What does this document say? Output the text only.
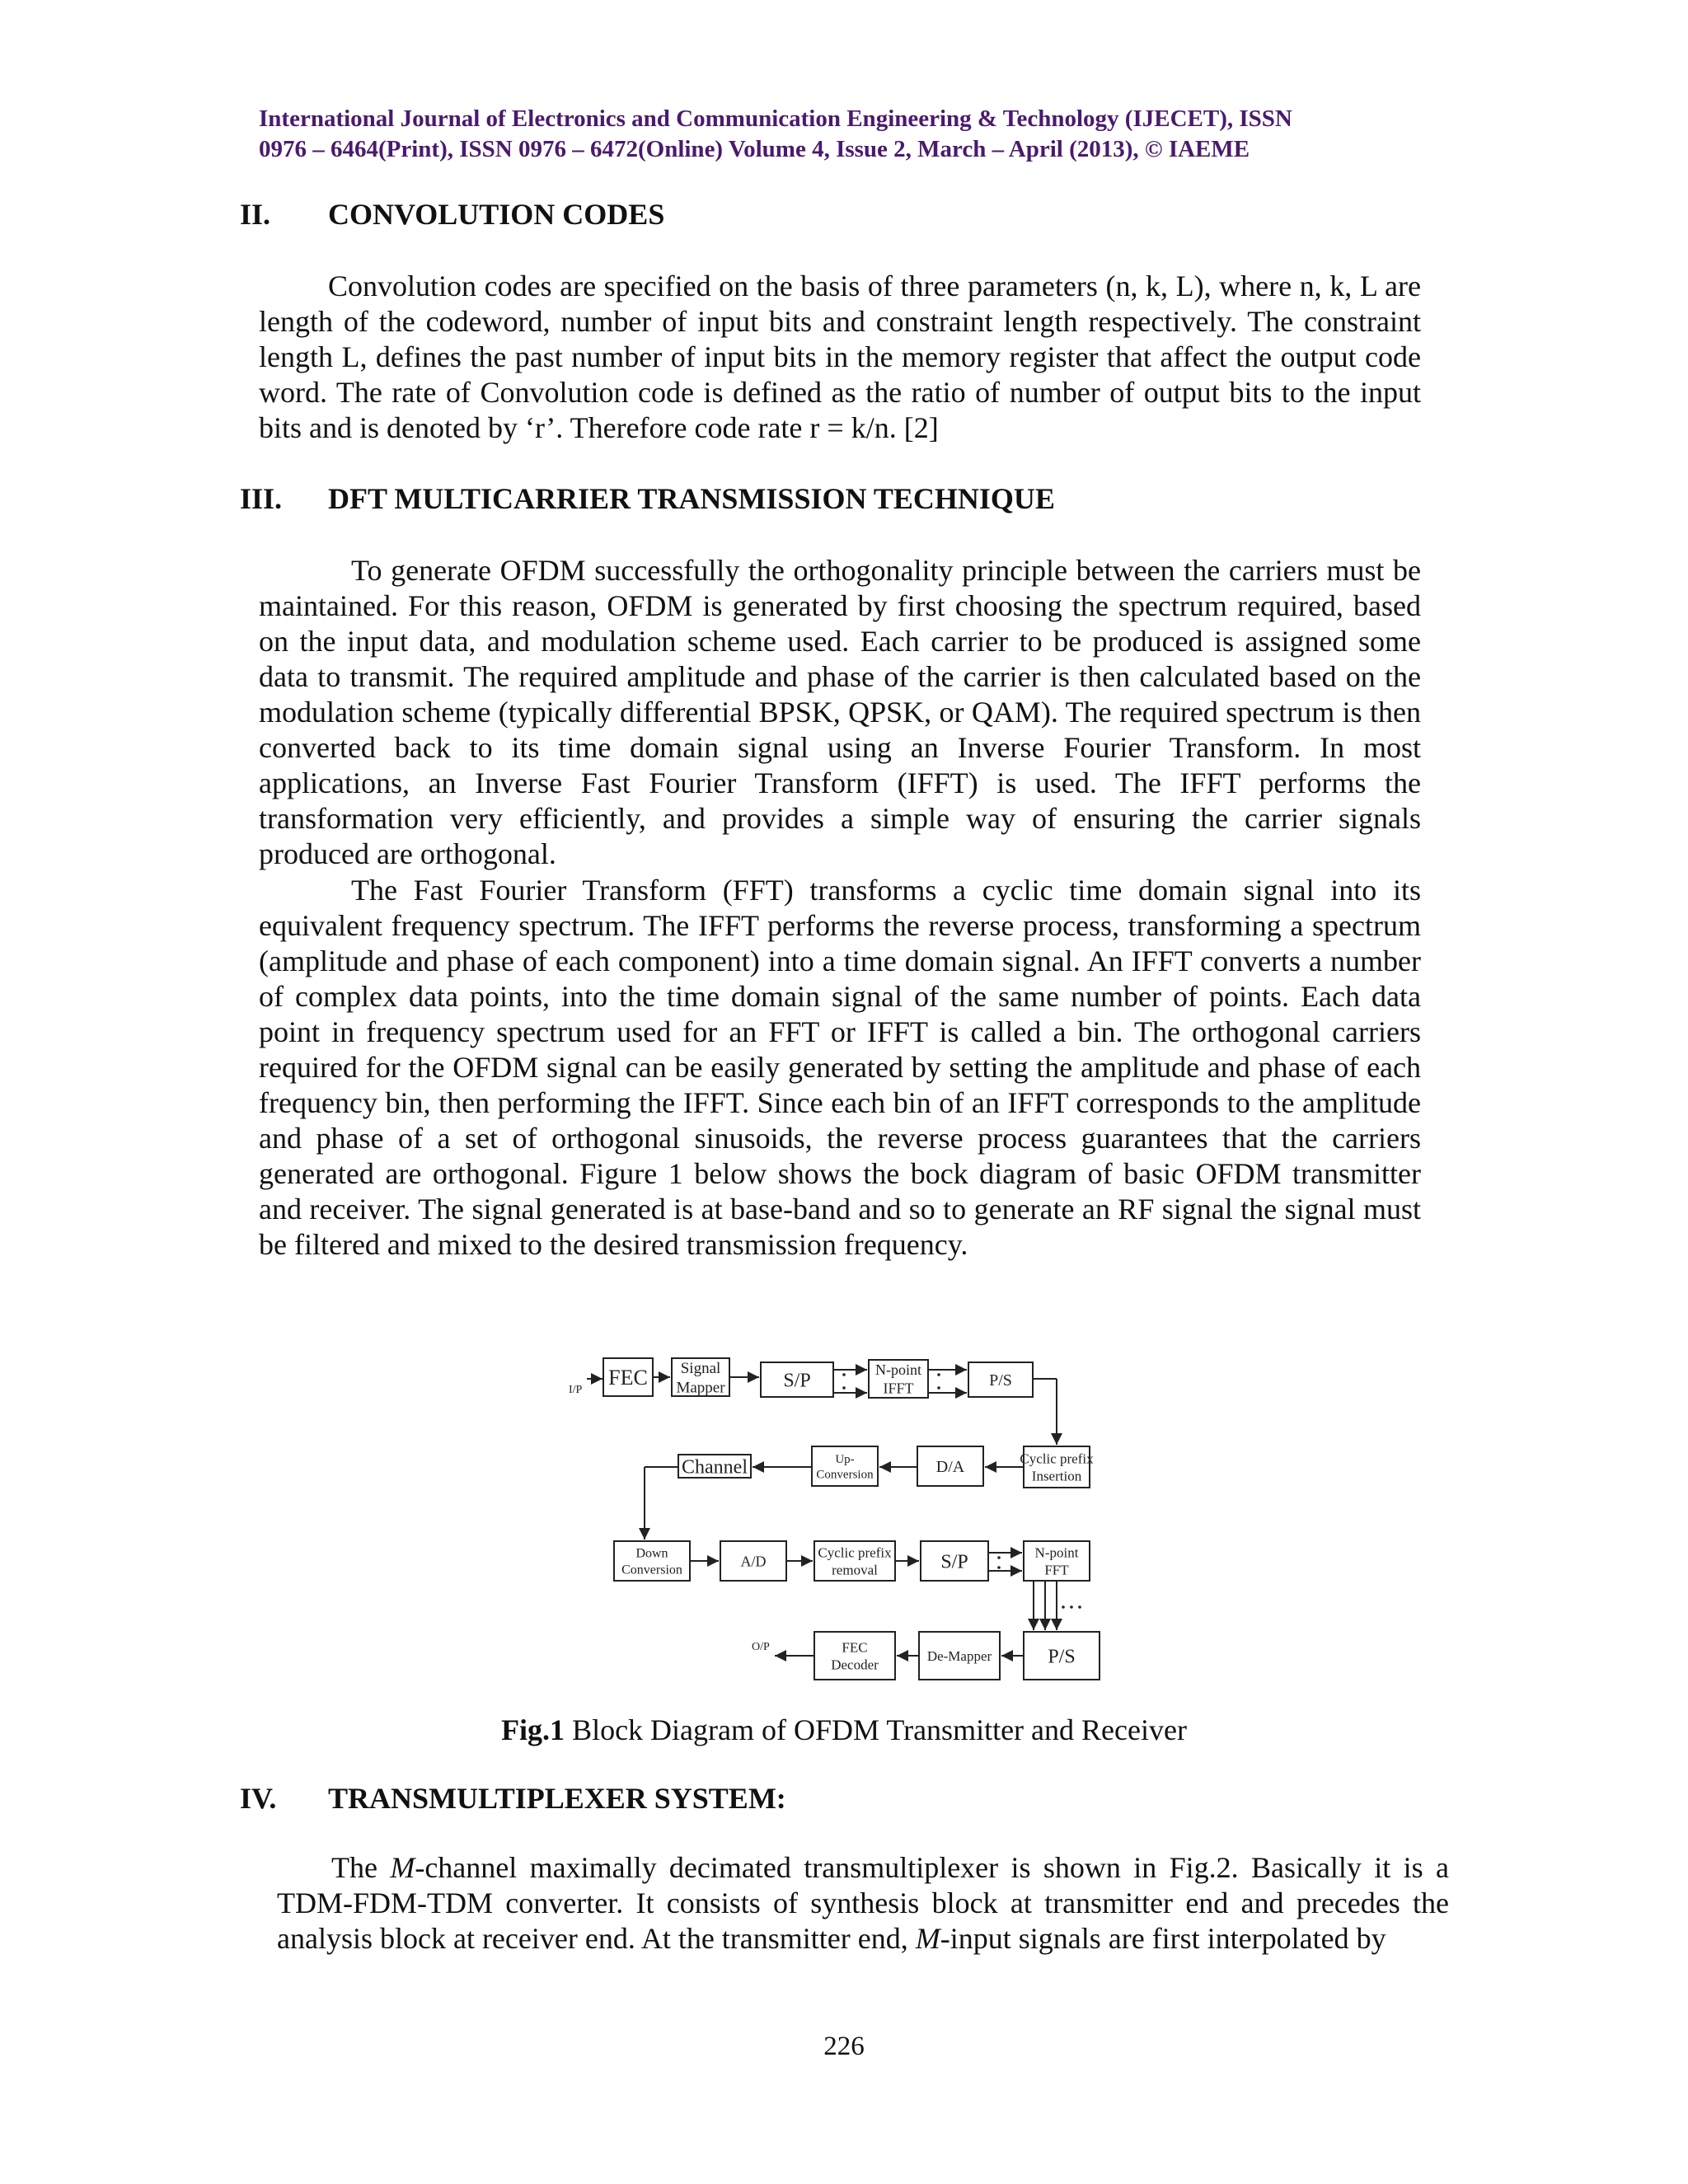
International Journal of Electronics and Communication Engineering & Technology (IJECET), ISSN
0976 – 6464(Print), ISSN 0976 – 6472(Online) Volume 4, Issue 2, March – April (2013), © IAEME
II. CONVOLUTION CODES
Convolution codes are specified on the basis of three parameters (n, k, L), where n, k, L are length of the codeword, number of input bits and constraint length respectively. The constraint length L, defines the past number of input bits in the memory register that affect the output code word. The rate of Convolution code is defined as the ratio of number of output bits to the input bits and is denoted by ‘r’. Therefore code rate r = k/n. [2]
III. DFT MULTICARRIER TRANSMISSION TECHNIQUE
To generate OFDM successfully the orthogonality principle between the carriers must be maintained. For this reason, OFDM is generated by first choosing the spectrum required, based on the input data, and modulation scheme used. Each carrier to be produced is assigned some data to transmit. The required amplitude and phase of the carrier is then calculated based on the modulation scheme (typically differential BPSK, QPSK, or QAM). The required spectrum is then converted back to its time domain signal using an Inverse Fourier Transform. In most applications, an Inverse Fast Fourier Transform (IFFT) is used. The IFFT performs the transformation very efficiently, and provides a simple way of ensuring the carrier signals produced are orthogonal.
The Fast Fourier Transform (FFT) transforms a cyclic time domain signal into its equivalent frequency spectrum. The IFFT performs the reverse process, transforming a spectrum (amplitude and phase of each component) into a time domain signal. An IFFT converts a number of complex data points, into the time domain signal of the same number of points. Each data point in frequency spectrum used for an FFT or IFFT is called a bin. The orthogonal carriers required for the OFDM signal can be easily generated by setting the amplitude and phase of each frequency bin, then performing the IFFT. Since each bin of an IFFT corresponds to the amplitude and phase of a set of orthogonal sinusoids, the reverse process guarantees that the carriers generated are orthogonal. Figure 1 below shows the bock diagram of basic OFDM transmitter and receiver. The signal generated is at base-band and so to generate an RF signal the signal must be filtered and mixed to the desired transmission frequency.
FEC Signal
Mapper	S/P
N-point
IFFT	P/S
Cyclic prefix
Insertion
D/A
Up-
Conversion
Channel
Down
Conversion
A/D
Cyclic prefix
removal	S/P	N-point
FFT
P/S
De-Mapper
FEC
Decoder
I/P
O/P
Fig.1 Block Diagram of OFDM Transmitter and Receiver
IV. TRANSMULTIPLEXER SYSTEM:
The M-channel maximally decimated transmultiplexer is shown in Fig.2. Basically it is a TDM-FDM-TDM converter. It consists of synthesis block at transmitter end and precedes the analysis block at receiver end. At the transmitter end, M-input signals are first interpolated by
226
